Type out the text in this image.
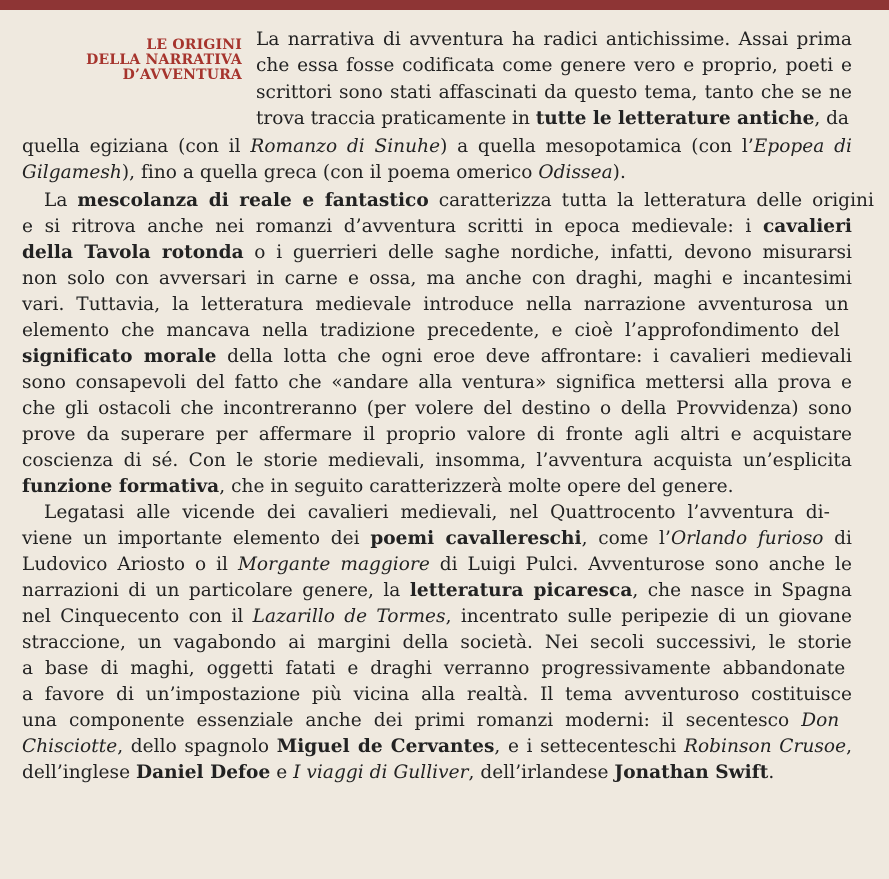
LE ORIGINI
DELLA NARRATIVA
D’AVVENTURA
La narrativa di avventura ha radici antichissime. Assai prima
che essa fosse codificata come genere vero e proprio, poeti e
scrittori sono stati affascinati da questo tema, tanto che se ne
trova traccia praticamente in tutte le letterature antiche, da
quella egiziana (con il Romanzo di Sinuhe) a quella mesopotamica (con l’Epopea di
Gilgamesh), fino a quella greca (con il poema omerico Odissea).
La mescolanza di reale e fantastico caratterizza tutta la letteratura delle origini
e si ritrova anche nei romanzi d’avventura scritti in epoca medievale: i cavalieri
della Tavola rotonda o i guerrieri delle saghe nordiche, infatti, devono misurarsi
non solo con avversari in carne e ossa, ma anche con draghi, maghi e incantesimi
vari. Tuttavia, la letteratura medievale introduce nella narrazione avventurosa un
elemento che mancava nella tradizione precedente, e cioè l’approfondimento del
significato morale della lotta che ogni eroe deve affrontare: i cavalieri medievali
sono consapevoli del fatto che «andare alla ventura» significa mettersi alla prova e
che gli ostacoli che incontreranno (per volere del destino o della Provvidenza) sono
prove da superare per affermare il proprio valore di fronte agli altri e acquistare
coscienza di sé. Con le storie medievali, insomma, l’avventura acquista un’esplicita
funzione formativa, che in seguito caratterizzerà molte opere del genere.
Legatasi alle vicende dei cavalieri medievali, nel Quattrocento l’avventura di-
viene un importante elemento dei poemi cavallereschi, come l’Orlando furioso di
Ludovico Ariosto o il Morgante maggiore di Luigi Pulci. Avventurose sono anche le
narrazioni di un particolare genere, la letteratura picaresca, che nasce in Spagna
nel Cinquecento con il Lazarillo de Tormes, incentrato sulle peripezie di un giovane
straccione, un vagabondo ai margini della società. Nei secoli successivi, le storie
a base di maghi, oggetti fatati e draghi verranno progressivamente abbandonate
a favore di un’impostazione più vicina alla realtà. Il tema avventuroso costituisce
una componente essenziale anche dei primi romanzi moderni: il secentesco Don
Chisciotte, dello spagnolo Miguel de Cervantes, e i settecenteschi Robinson Crusoe,
dell’inglese Daniel Defoe e I viaggi di Gulliver, dell’irlandese Jonathan Swift.
